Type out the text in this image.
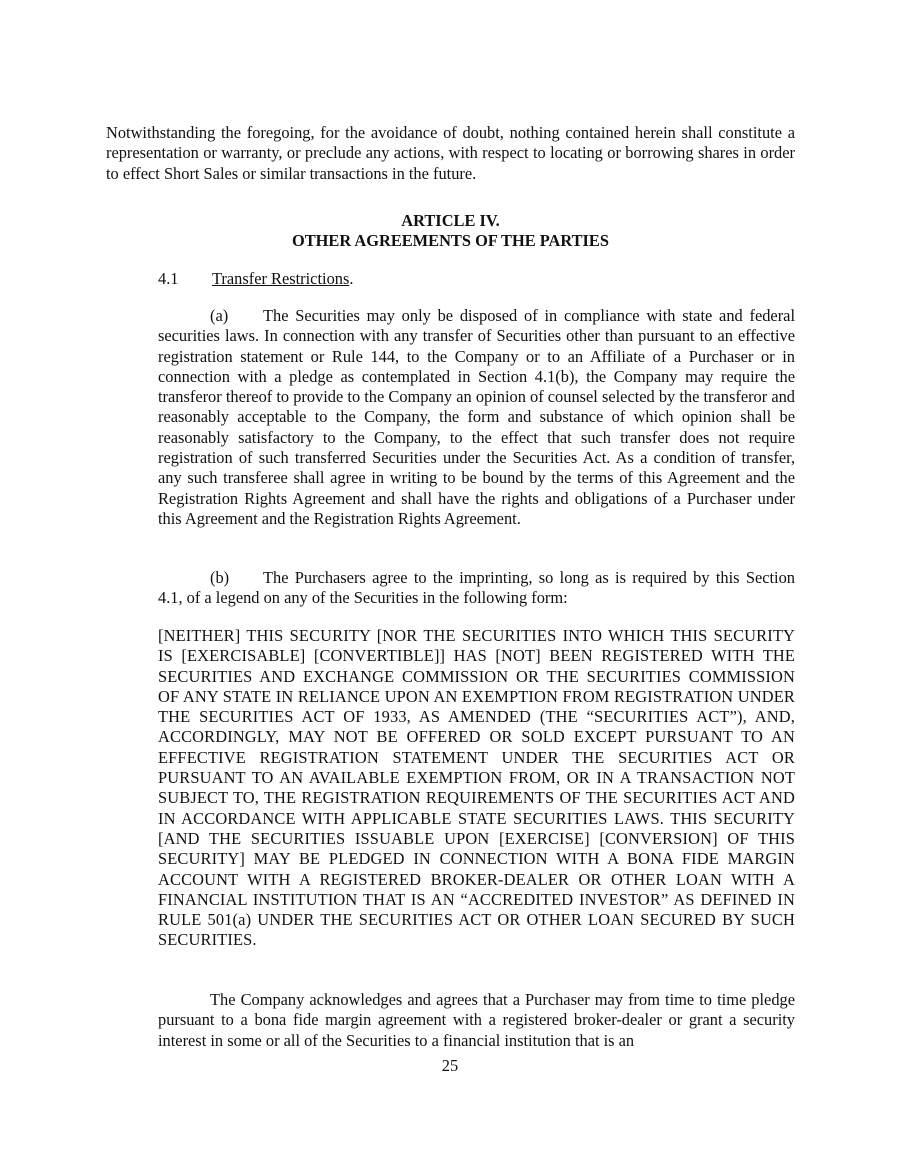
Notwithstanding the foregoing, for the avoidance of doubt, nothing contained herein shall constitute a representation or warranty, or preclude any actions, with respect to locating or borrowing shares in order to effect Short Sales or similar transactions in the future.

ARTICLE IV.

OTHER AGREEMENTS OF THE PARTIES

4.1 Transfer Restrictions.

(a) The Securities may only be disposed of in compliance with state and federal securities laws. In connection with any transfer of Securities other than pursuant to an effective registration statement or Rule 144, to the Company or to an Affiliate of a Purchaser or in connection with a pledge as contemplated in Section 4.1(b), the Company may require the transferor thereof to provide to the Company an opinion of counsel selected by the transferor and reasonably acceptable to the Company, the form and substance of which opinion shall be reasonably satisfactory to the Company, to the effect that such transfer does not require registration of such transferred Securities under the Securities Act. As a condition of transfer, any such transferee shall agree in writing to be bound by the terms of this Agreement and the Registration Rights Agreement and shall have the rights and obligations of a Purchaser under this Agreement and the Registration Rights Agreement.

(b) The Purchasers agree to the imprinting, so long as is required by this Section 4.1, of a legend on any of the Securities in the following form:

[NEITHER] THIS SECURITY [NOR THE SECURITIES INTO WHICH THIS SECURITY IS [EXERCISABLE] [CONVERTIBLE]] HAS [NOT] BEEN REGISTERED WITH THE SECURITIES AND EXCHANGE COMMISSION OR THE SECURITIES COMMISSION OF ANY STATE IN RELIANCE UPON AN EXEMPTION FROM REGISTRATION UNDER THE SECURITIES ACT OF 1933, AS AMENDED (THE “SECURITIES ACT”), AND, ACCORDINGLY, MAY NOT BE OFFERED OR SOLD EXCEPT PURSUANT TO AN EFFECTIVE REGISTRATION STATEMENT UNDER THE SECURITIES ACT OR PURSUANT TO AN AVAILABLE EXEMPTION FROM, OR IN A TRANSACTION NOT SUBJECT TO, THE REGISTRATION REQUIREMENTS OF THE SECURITIES ACT AND IN ACCORDANCE WITH APPLICABLE STATE SECURITIES LAWS. THIS SECURITY [AND THE SECURITIES ISSUABLE UPON [EXERCISE] [CONVERSION] OF THIS SECURITY] MAY BE PLEDGED IN CONNECTION WITH A BONA FIDE MARGIN ACCOUNT WITH A REGISTERED BROKER-DEALER OR OTHER LOAN WITH A FINANCIAL INSTITUTION THAT IS AN “ACCREDITED INVESTOR” AS DEFINED IN RULE 501(a) UNDER THE SECURITIES ACT OR OTHER LOAN SECURED BY SUCH SECURITIES.

The Company acknowledges and agrees that a Purchaser may from time to time pledge pursuant to a bona fide margin agreement with a registered broker-dealer or grant a security interest in some or all of the Securities to a financial institution that is an

25
